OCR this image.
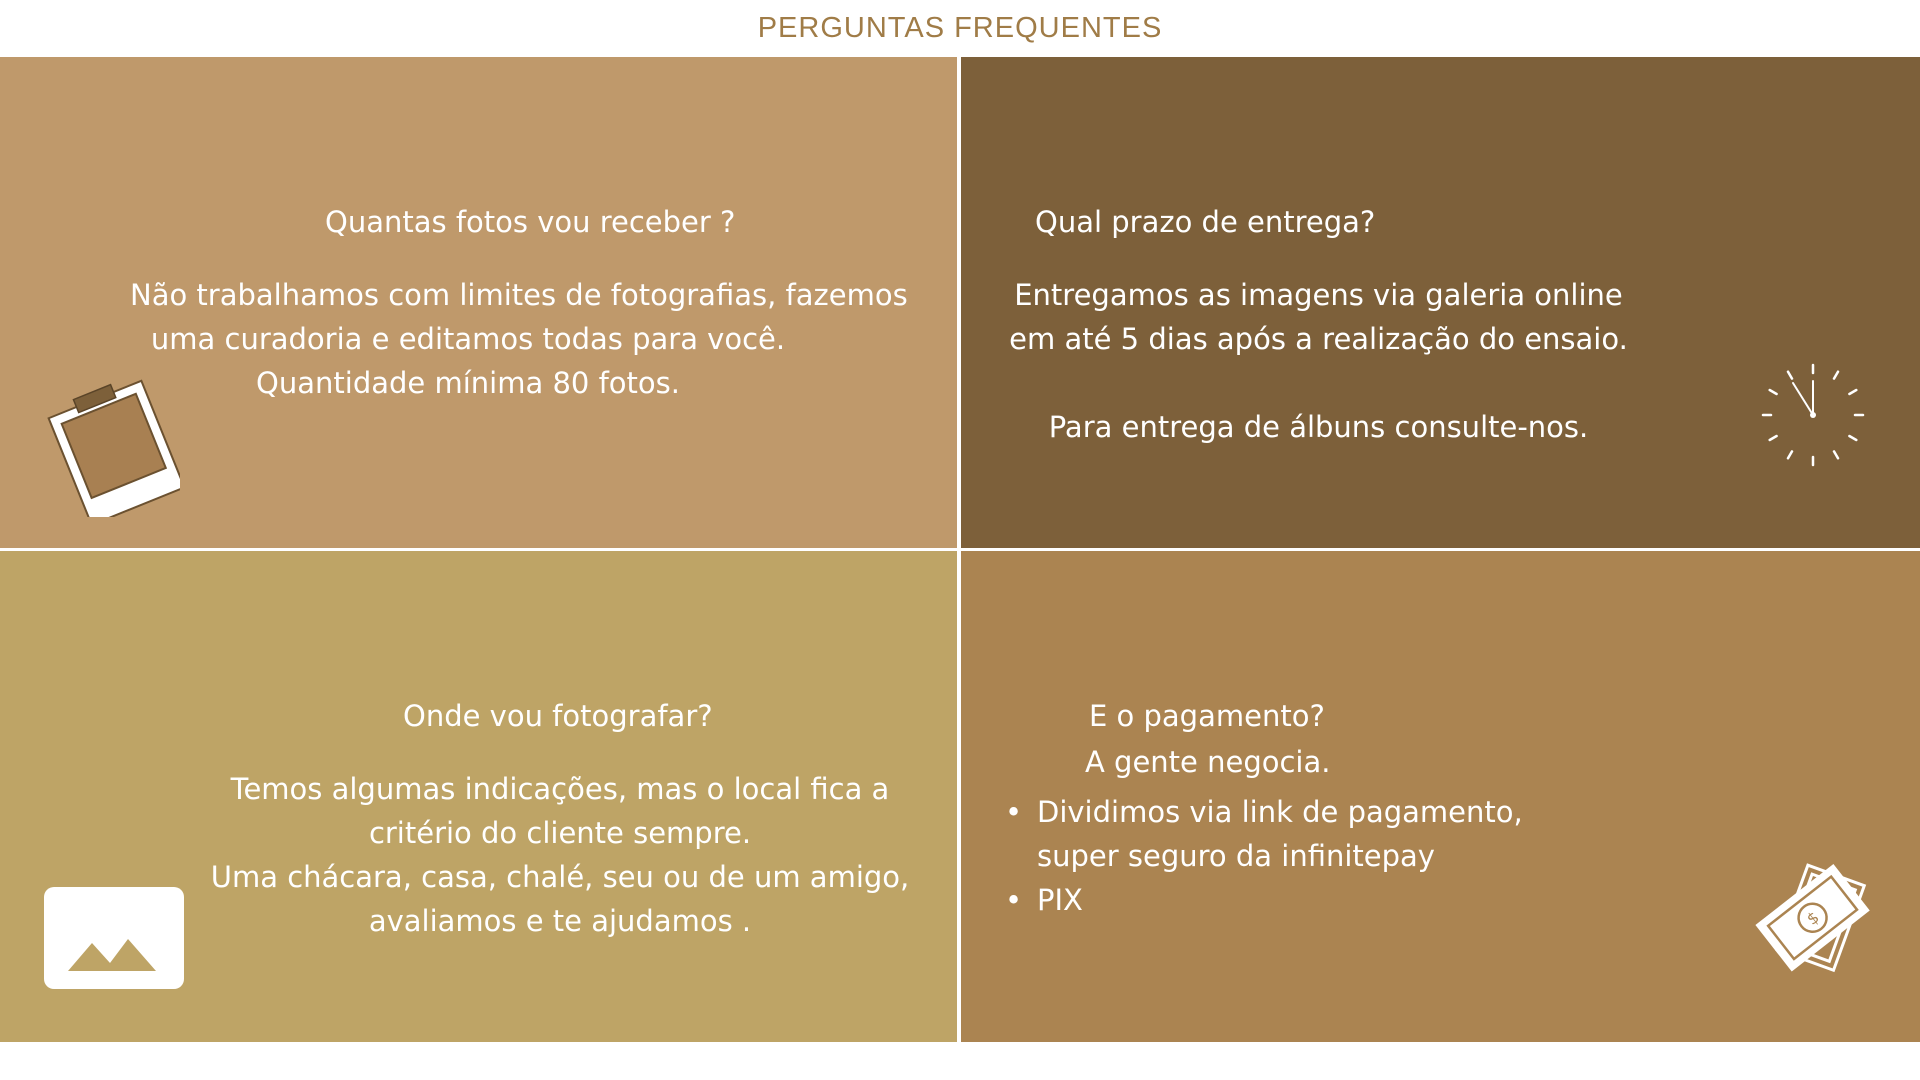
PERGUNTAS FREQUENTES
Quantas fotos vou receber ?
Não trabalhamos com limites de fotografias, fazemos
uma curadoria e editamos todas para você.
Quantidade mínima 80 fotos.
Qual prazo de entrega?
Entregamos as imagens via galeria online
em até 5 dias após a realização do ensaio.
Para entrega de álbuns consulte-nos.
Onde vou fotografar?
Temos algumas indicações, mas o local fica a
critério do cliente sempre.
Uma chácara, casa, chalé, seu ou de um amigo,
avaliamos e te ajudamos .
E o pagamento?
A gente negocia.
• Dividimos via link de pagamento,
super seguro da infinitepay
• PIX
$
